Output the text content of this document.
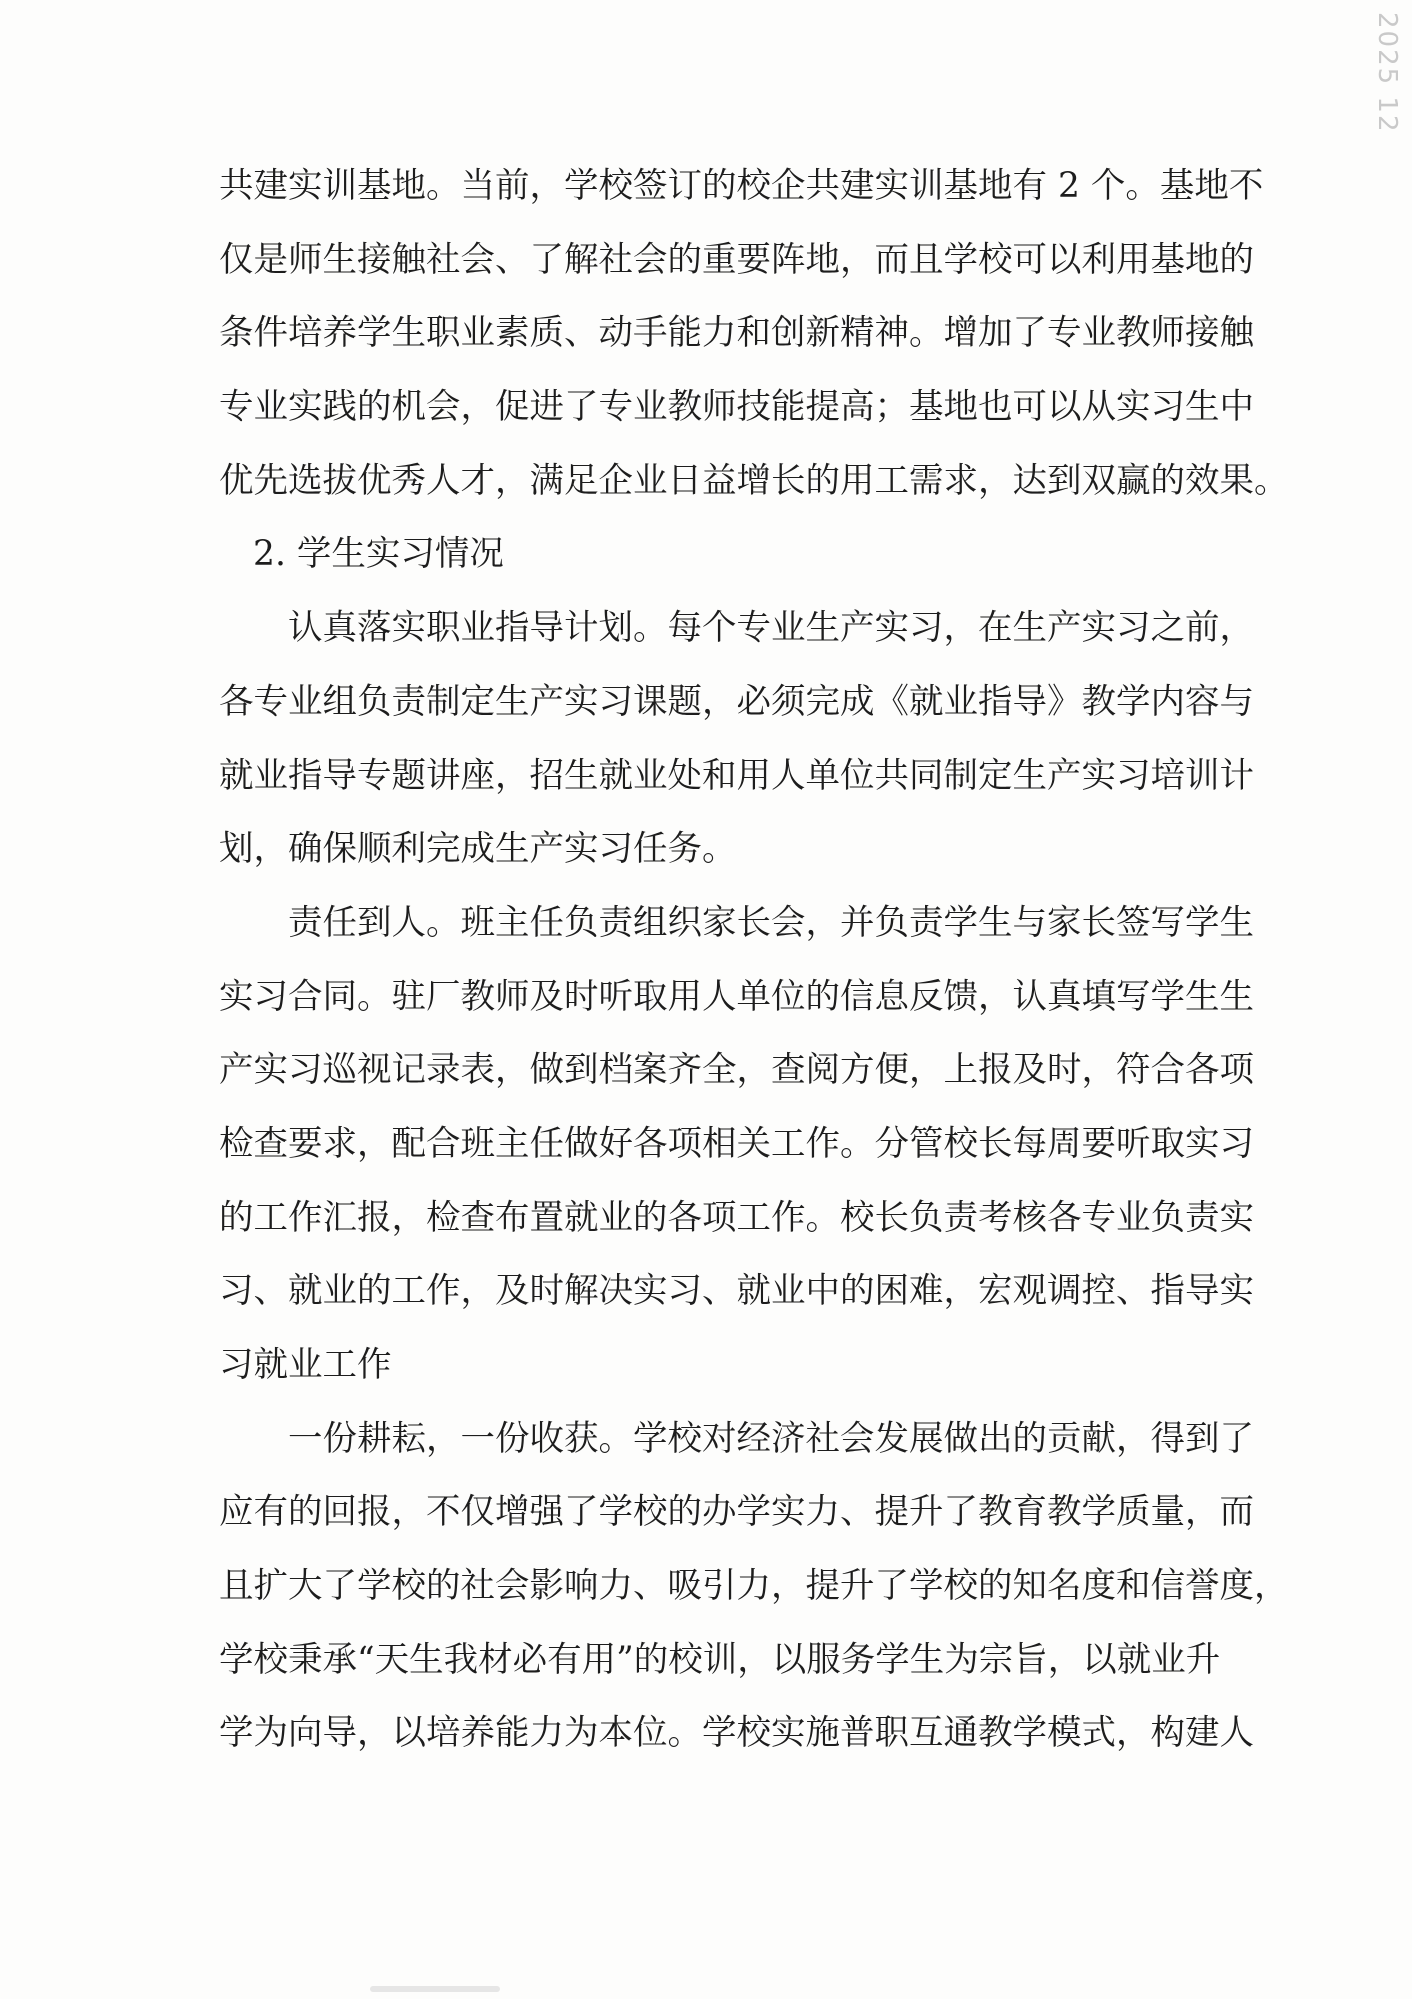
2025 12
共建实训基地。当前，学校签订的校企共建实训基地有 2 个。基地不
仅是师生接触社会、了解社会的重要阵地，而且学校可以利用基地的
条件培养学生职业素质、动手能力和创新精神。增加了专业教师接触
专业实践的机会，促进了专业教师技能提高；基地也可以从实习生中
优先选拔优秀人才，满足企业日益增长的用工需求，达到双赢的效果。
2. 学生实习情况
认真落实职业指导计划。每个专业生产实习，在生产实习之前，
各专业组负责制定生产实习课题，必须完成《就业指导》教学内容与
就业指导专题讲座，招生就业处和用人单位共同制定生产实习培训计
划，确保顺利完成生产实习任务。
责任到人。班主任负责组织家长会，并负责学生与家长签写学生
实习合同。驻厂教师及时听取用人单位的信息反馈，认真填写学生生
产实习巡视记录表，做到档案齐全，查阅方便，上报及时，符合各项
检查要求，配合班主任做好各项相关工作。分管校长每周要听取实习
的工作汇报，检查布置就业的各项工作。校长负责考核各专业负责实
习、就业的工作，及时解决实习、就业中的困难，宏观调控、指导实
习就业工作
一份耕耘，一份收获。学校对经济社会发展做出的贡献，得到了
应有的回报，不仅增强了学校的办学实力、提升了教育教学质量，而
且扩大了学校的社会影响力、吸引力，提升了学校的知名度和信誉度，
学校秉承“天生我材必有用”的校训，以服务学生为宗旨，以就业升
学为向导，以培养能力为本位。学校实施普职互通教学模式，构建人
